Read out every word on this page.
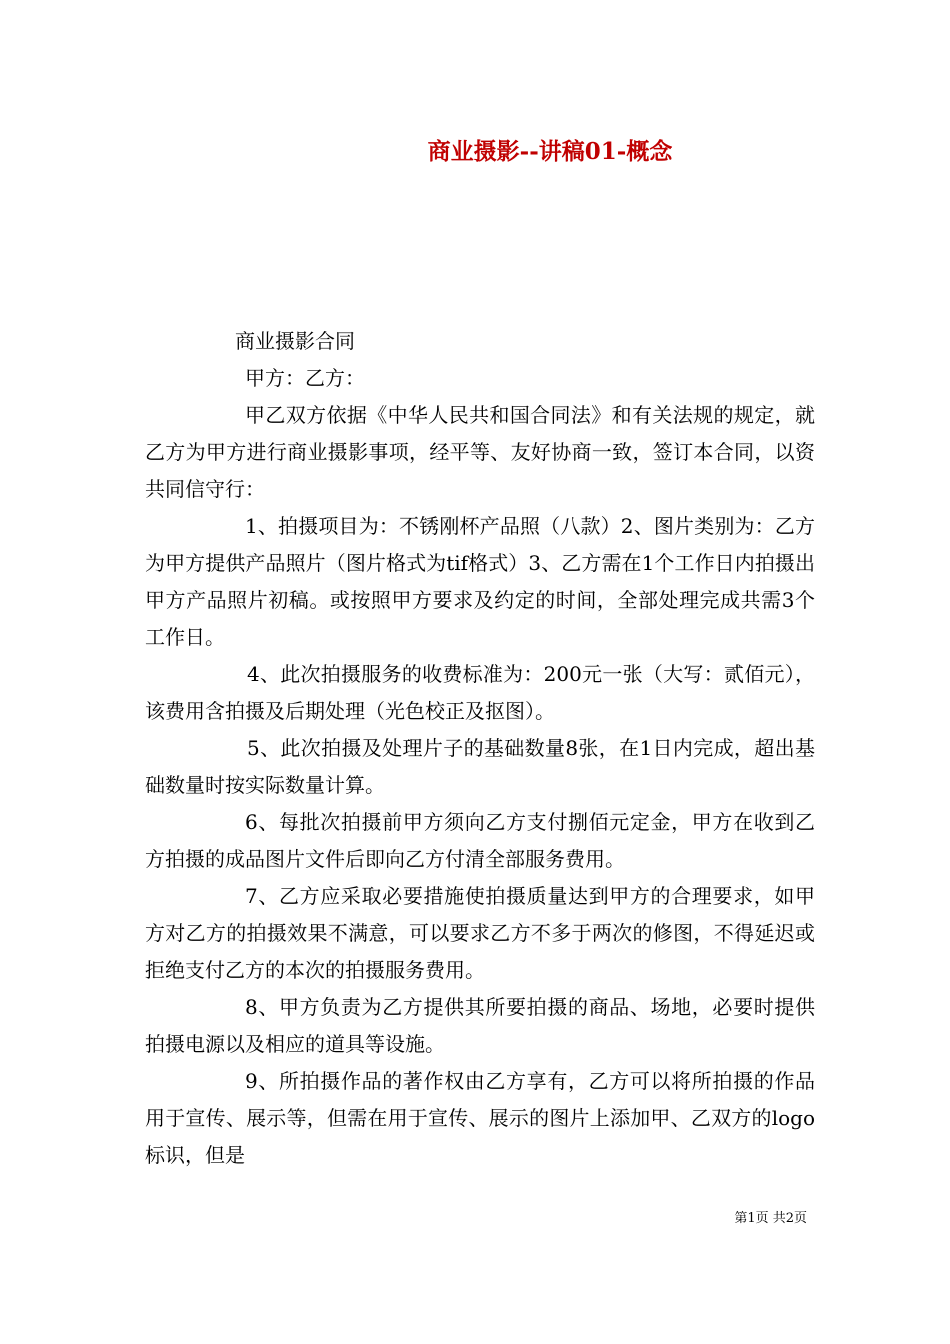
商业摄影--讲稿01-概念

商业摄影合同

甲方：乙方：

甲乙双方依据《中华人民共和国合同法》和有关法规的规定，就乙方为甲方进行商业摄影事项，经平等、友好协商一致，签订本合同，以资共同信守行：

1、拍摄项目为：不锈刚杯产品照（八款）2、图片类别为：乙方为甲方提供产品照片（图片格式为tif格式）3、乙方需在1个工作日内拍摄出甲方产品照片初稿。或按照甲方要求及约定的时间，全部处理完成共需3个工作日。

4、此次拍摄服务的收费标准为：200元一张（大写：贰佰元），该费用含拍摄及后期处理（光色校正及抠图）。

5、此次拍摄及处理片子的基础数量8张，在1日内完成，超出基础数量时按实际数量计算。

6、每批次拍摄前甲方须向乙方支付捌佰元定金，甲方在收到乙方拍摄的成品图片文件后即向乙方付清全部服务费用。

7、乙方应采取必要措施使拍摄质量达到甲方的合理要求，如甲方对乙方的拍摄效果不满意，可以要求乙方不多于两次的修图，不得延迟或拒绝支付乙方的本次的拍摄服务费用。

8、甲方负责为乙方提供其所要拍摄的商品、场地，必要时提供拍摄电源以及相应的道具等设施。

9、所拍摄作品的著作权由乙方享有，乙方可以将所拍摄的作品用于宣传、展示等，但需在用于宣传、展示的图片上添加甲、乙双方的logo标识，但是

第1页 共2页
